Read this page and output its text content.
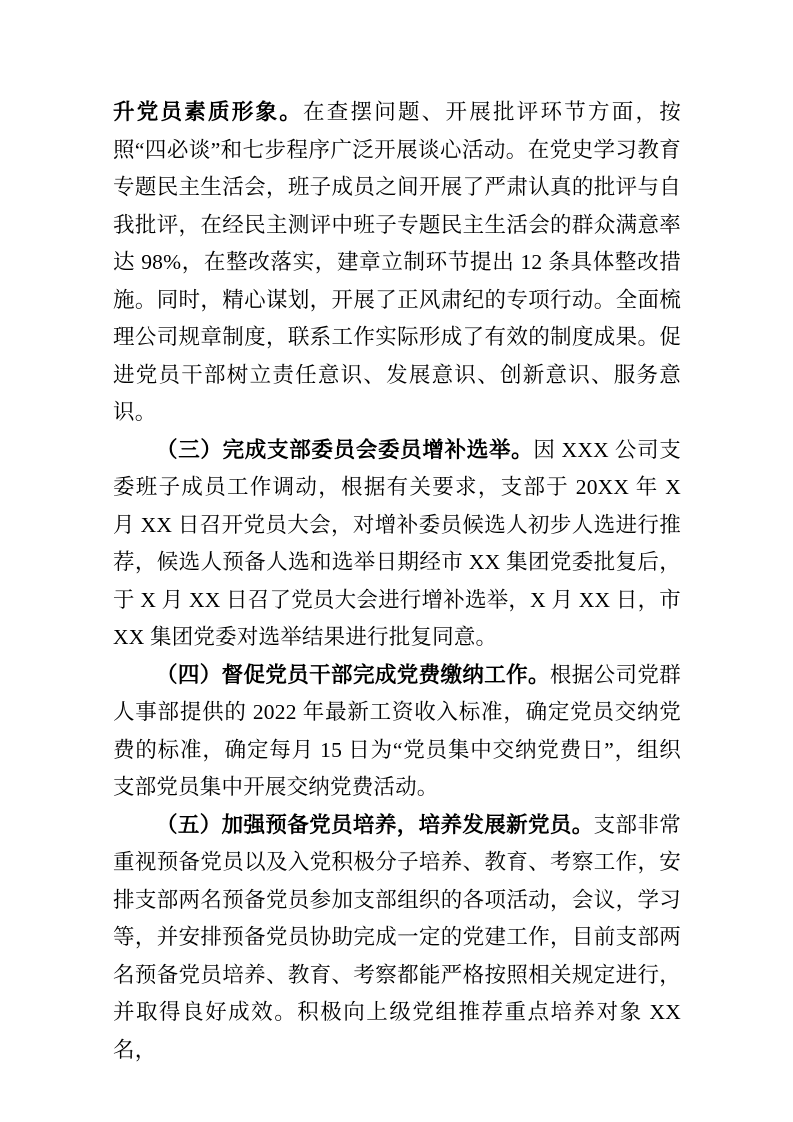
升党员素质形象。在查摆问题、开展批评环节方面，按照“四必谈”和七步程序广泛开展谈心活动。在党史学习教育专题民主生活会，班子成员之间开展了严肃认真的批评与自我批评，在经民主测评中班子专题民主生活会的群众满意率达 98%，在整改落实，建章立制环节提出 12 条具体整改措施。同时，精心谋划，开展了正风肃纪的专项行动。全面梳理公司规章制度，联系工作实际形成了有效的制度成果。促进党员干部树立责任意识、发展意识、创新意识、服务意识。

（三）完成支部委员会委员增补选举。因 XXX 公司支委班子成员工作调动，根据有关要求，支部于 20XX 年 X 月 XX 日召开党员大会，对增补委员候选人初步人选进行推荐，候选人预备人选和选举日期经市 XX 集团党委批复后，于 X 月 XX 日召了党员大会进行增补选举，X 月 XX 日，市 XX 集团党委对选举结果进行批复同意。

（四）督促党员干部完成党费缴纳工作。根据公司党群人事部提供的 2022 年最新工资收入标准，确定党员交纳党费的标准，确定每月 15 日为“党员集中交纳党费日”，组织支部党员集中开展交纳党费活动。

（五）加强预备党员培养，培养发展新党员。支部非常重视预备党员以及入党积极分子培养、教育、考察工作，安排支部两名预备党员参加支部组织的各项活动，会议，学习等，并安排预备党员协助完成一定的党建工作，目前支部两名预备党员培养、教育、考察都能严格按照相关规定进行，并取得良好成效。积极向上级党组推荐重点培养对象 XX 名，
